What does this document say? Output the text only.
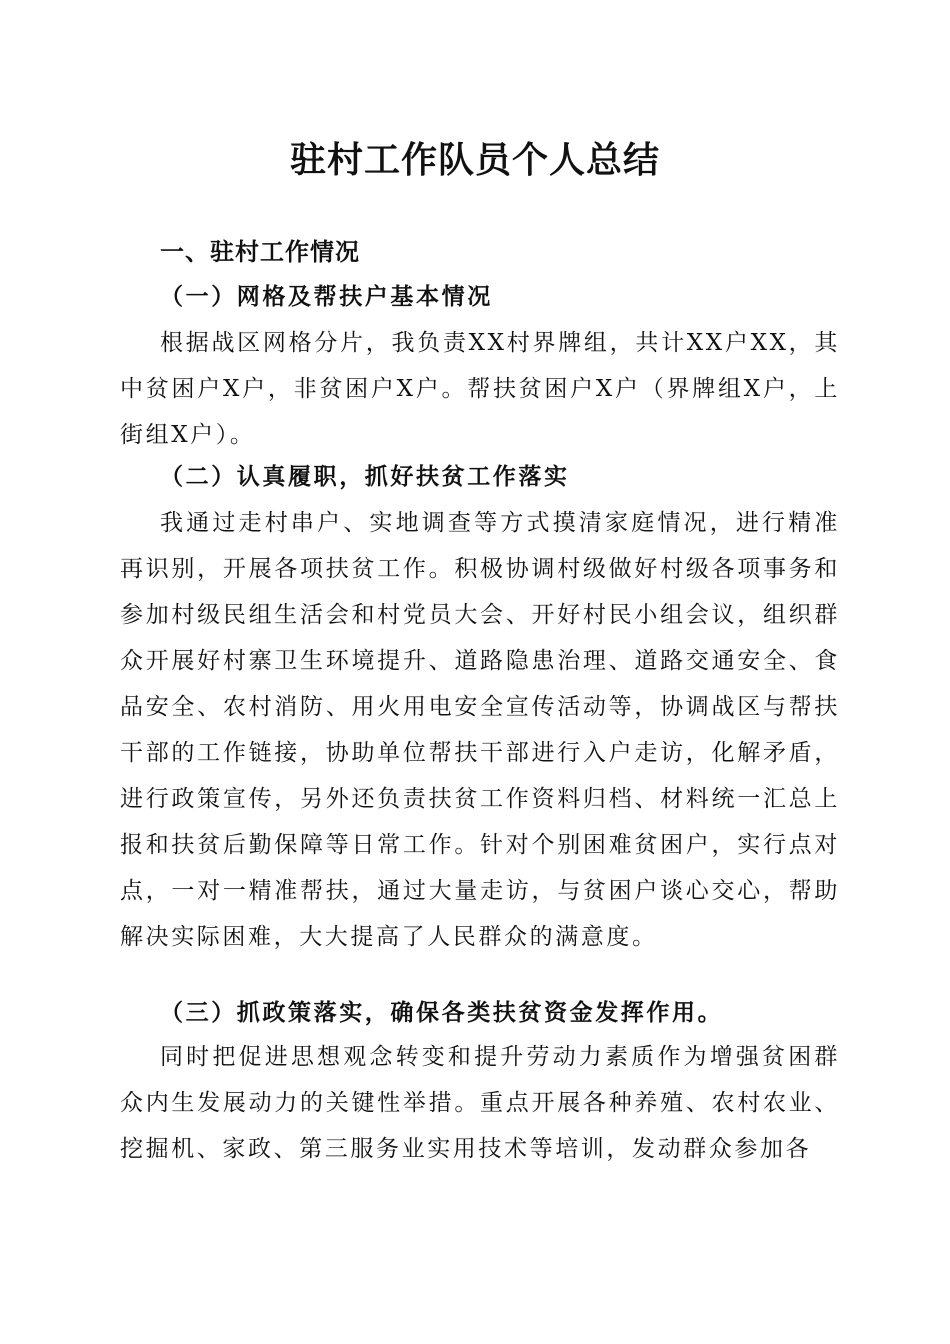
驻村工作队员个人总结
一、驻村工作情况
（一）网格及帮扶户基本情况

根据战区网格分片，我负责XX村界牌组，共计XX户XX，其中贫困户X户，非贫困户X户。帮扶贫困户X户（界牌组X户，上街组X户）。

（二）认真履职，抓好扶贫工作落实

我通过走村串户、实地调查等方式摸清家庭情况，进行精准再识别，开展各项扶贫工作。积极协调村级做好村级各项事务和参加村级民组生活会和村党员大会、开好村民小组会议，组织群众开展好村寨卫生环境提升、道路隐患治理、道路交通安全、食品安全、农村消防、用火用电安全宣传活动等，协调战区与帮扶干部的工作链接，协助单位帮扶干部进行入户走访，化解矛盾，进行政策宣传，另外还负责扶贫工作资料归档、材料统一汇总上报和扶贫后勤保障等日常工作。针对个别困难贫困户，实行点对点，一对一精准帮扶，通过大量走访，与贫困户谈心交心，帮助解决实际困难，大大提高了人民群众的满意度。

（三）抓政策落实，确保各类扶贫资金发挥作用。

同时把促进思想观念转变和提升劳动力素质作为增强贫困群众内生发展动力的关键性举措。重点开展各种养殖、农村农业、挖掘机、家政、第三服务业实用技术等培训，发动群众参加各
